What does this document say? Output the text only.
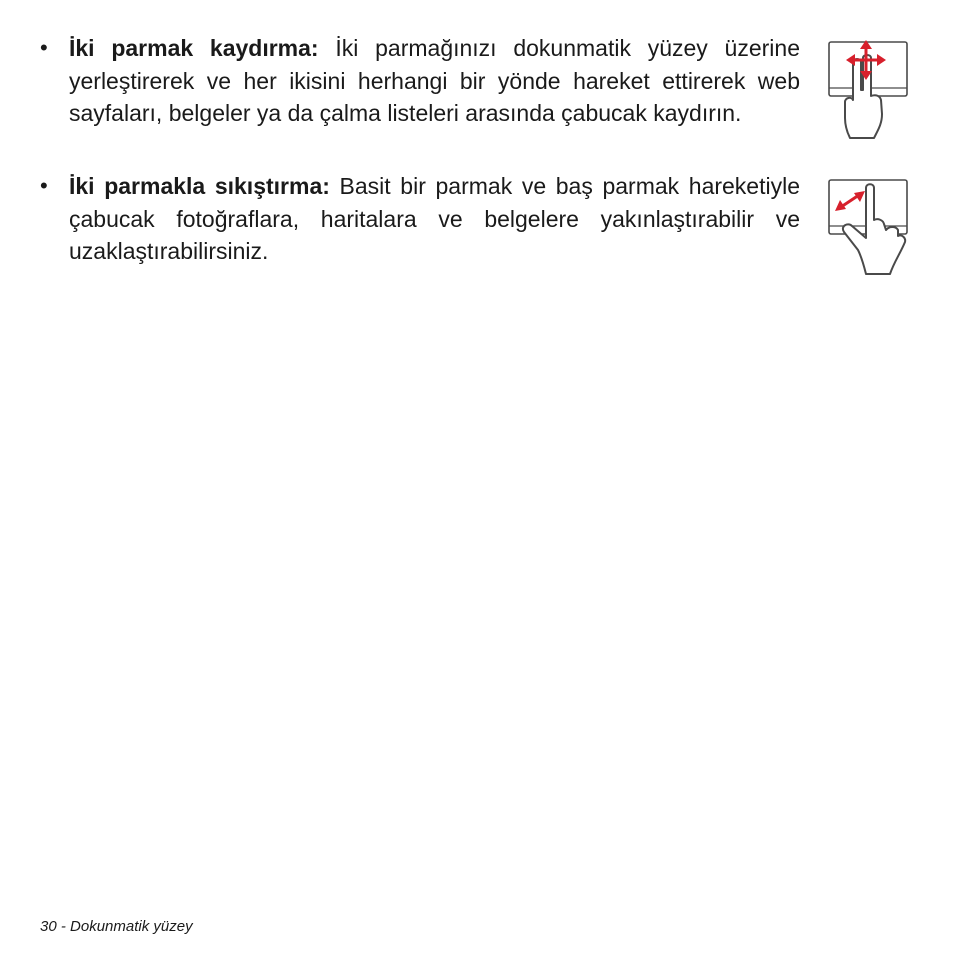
• İki parmak kaydırma: İki parmağınızı dokunmatik yüzey üzerine yerleştirerek ve her ikisini herhangi bir yönde hareket ettirerek web sayfaları, belgeler ya da çalma listeleri arasında çabucak kaydırın.
• İki parmakla sıkıştırma: Basit bir parmak ve baş parmak hareketiyle çabucak fotoğraflara, haritalara ve belgelere yakınlaştırabilir ve uzaklaştırabilirsiniz.
30 - Dokunmatik yüzey
